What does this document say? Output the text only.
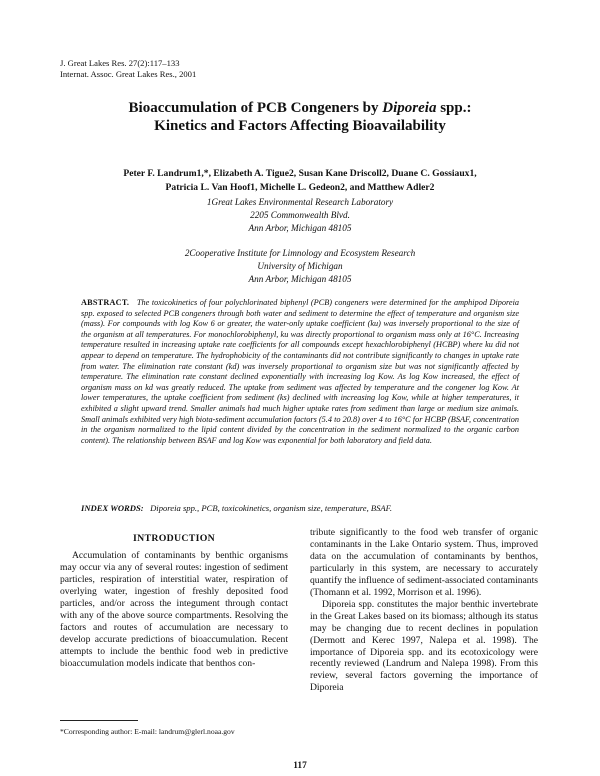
J. Great Lakes Res. 27(2):117–133
Internat. Assoc. Great Lakes Res., 2001
Bioaccumulation of PCB Congeners by Diporeia spp.:
Kinetics and Factors Affecting Bioavailability
Peter F. Landrum1,*, Elizabeth A. Tigue2, Susan Kane Driscoll2, Duane C. Gossiaux1,
Patricia L. Van Hoof1, Michelle L. Gedeon2, and Matthew Adler2
1Great Lakes Environmental Research Laboratory
2205 Commonwealth Blvd.
Ann Arbor, Michigan 48105
2Cooperative Institute for Limnology and Ecosystem Research
University of Michigan
Ann Arbor, Michigan 48105

ABSTRACT. The toxicokinetics of four polychlorinated biphenyl (PCB) congeners were determined for the amphipod Diporeia spp. exposed to selected PCB congeners through both water and sediment to determine the effect of temperature and organism size (mass). For compounds with log Kow 6 or greater, the water-only uptake coefficient (ku) was inversely proportional to the size of the organism at all temperatures. For monochlorobiphenyl, ku was directly proportional to organism mass only at 16°C. Increasing temperature resulted in increasing uptake rate coefficients for all compounds except hexachlorobiphenyl (HCBP) where ku did not appear to depend on temperature. The hydrophobicity of the contaminants did not contribute significantly to changes in uptake rate from water. The elimination rate constant (kd) was inversely proportional to organism size but was not significantly affected by temperature. The elimination rate constant declined exponentially with increasing log Kow. As log Kow increased, the effect of organism mass on kd was greatly reduced. The uptake from sediment was affected by temperature and the congener log Kow. At lower temperatures, the uptake coefficient from sediment (ks) declined with increasing log Kow, while at higher temperatures, it exhibited a slight upward trend. Smaller animals had much higher uptake rates from sediment than large or medium size animals. Small animals exhibited very high biota-sediment accumulation factors (5.4 to 20.8) over 4 to 16°C for HCBP (BSAF, concentration in the organism normalized to the lipid content divided by the concentration in the sediment normalized to the organic carbon content). The relationship between BSAF and log Kow was exponential for both laboratory and field data.

INDEX WORDS: Diporeia spp., PCB, toxicokinetics, organism size, temperature, BSAF.

INTRODUCTION

Accumulation of contaminants by benthic organisms may occur via any of several routes: ingestion of sediment particles, respiration of interstitial water, respiration of overlying water, ingestion of freshly deposited food particles, and/or across the integument through contact with any of the above source compartments. Resolving the factors and routes of accumulation are necessary to develop accurate predictions of bioaccumulation. Recent attempts to include the benthic food web in predictive bioaccumulation models indicate that benthos con-

tribute significantly to the food web transfer of organic contaminants in the Lake Ontario system. Thus, improved data on the accumulation of contaminants by benthos, particularly in this system, are necessary to accurately quantify the influence of sediment-associated contaminants (Thomann et al. 1992, Morrison et al. 1996).

Diporeia spp. constitutes the major benthic invertebrate in the Great Lakes based on its biomass; although its status may be changing due to recent declines in population (Dermott and Kerec 1997, Nalepa et al. 1998). The importance of Diporeia spp. and its ecotoxicology were recently reviewed (Landrum and Nalepa 1998). From this review, several factors governing the importance of Diporeia

*Corresponding author: E-mail: landrum@glerl.noaa.gov
117
